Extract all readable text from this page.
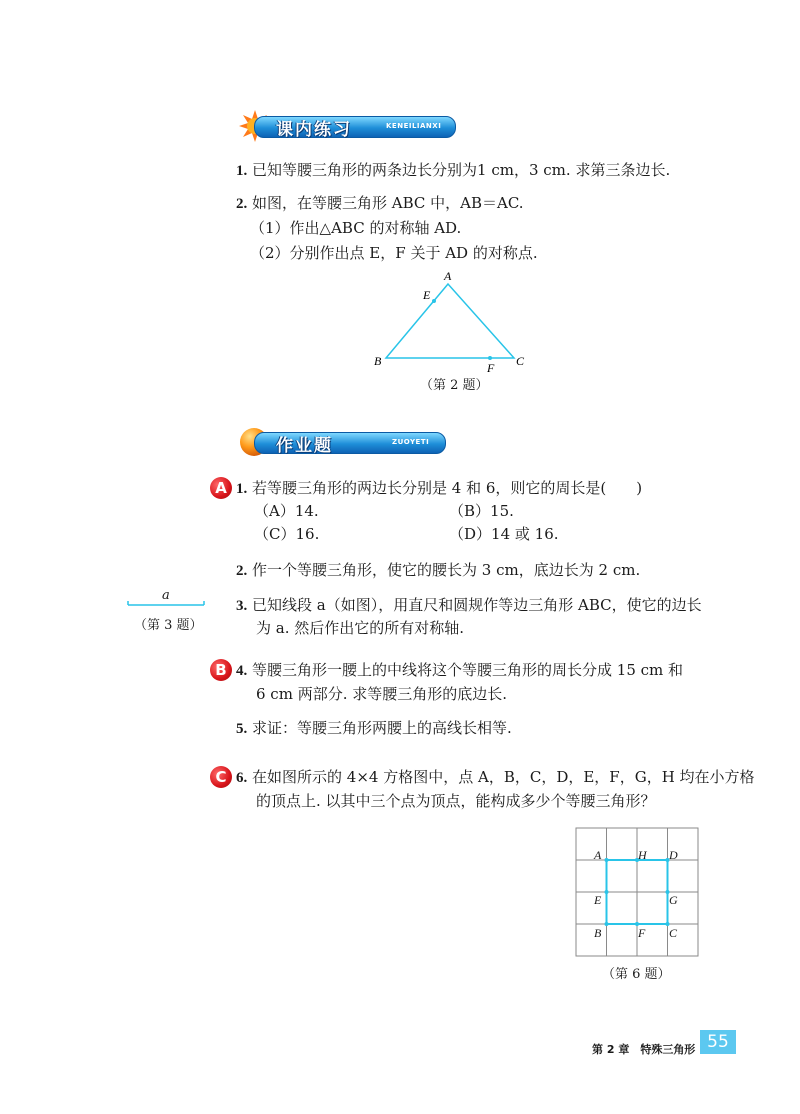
课内练习	KENEILIANXI
1. 已知等腰三角形的两条边长分别为1 cm，3 cm. 求第三条边长.
2. 如图，在等腰三角形 ABC 中，AB＝AC.
（1）作出△ABC 的对称轴 AD.
（2）分别作出点 E，F 关于 AD 的对称点.
A
E
B	C
F
（第 2 题）
作业题	ZUOYETI
A 1. 若等腰三角形的两边长分别是 4 和 6，则它的周长是(　　)
（A）14.	（B）15.
（C）16.	（D）14 或 16.
2. 作一个等腰三角形，使它的腰长为 3 cm，底边长为 2 cm.
a
（第 3 题）
3. 已知线段 a（如图），用直尺和圆规作等边三角形 ABC，使它的边长
为 a. 然后作出它的所有对称轴.
B 4. 等腰三角形一腰上的中线将这个等腰三角形的周长分成 15 cm 和
6 cm 两部分. 求等腰三角形的底边长.
5. 求证：等腰三角形两腰上的高线长相等.
C 6. 在如图所示的 4×4 方格图中，点 A，B，C，D，E，F，G，H 均在小方格
的顶点上. 以其中三个点为顶点，能构成多少个等腰三角形？
A	H D
E	G
B	F C
（第 6 题）
第 2 章　特殊三角形 55
